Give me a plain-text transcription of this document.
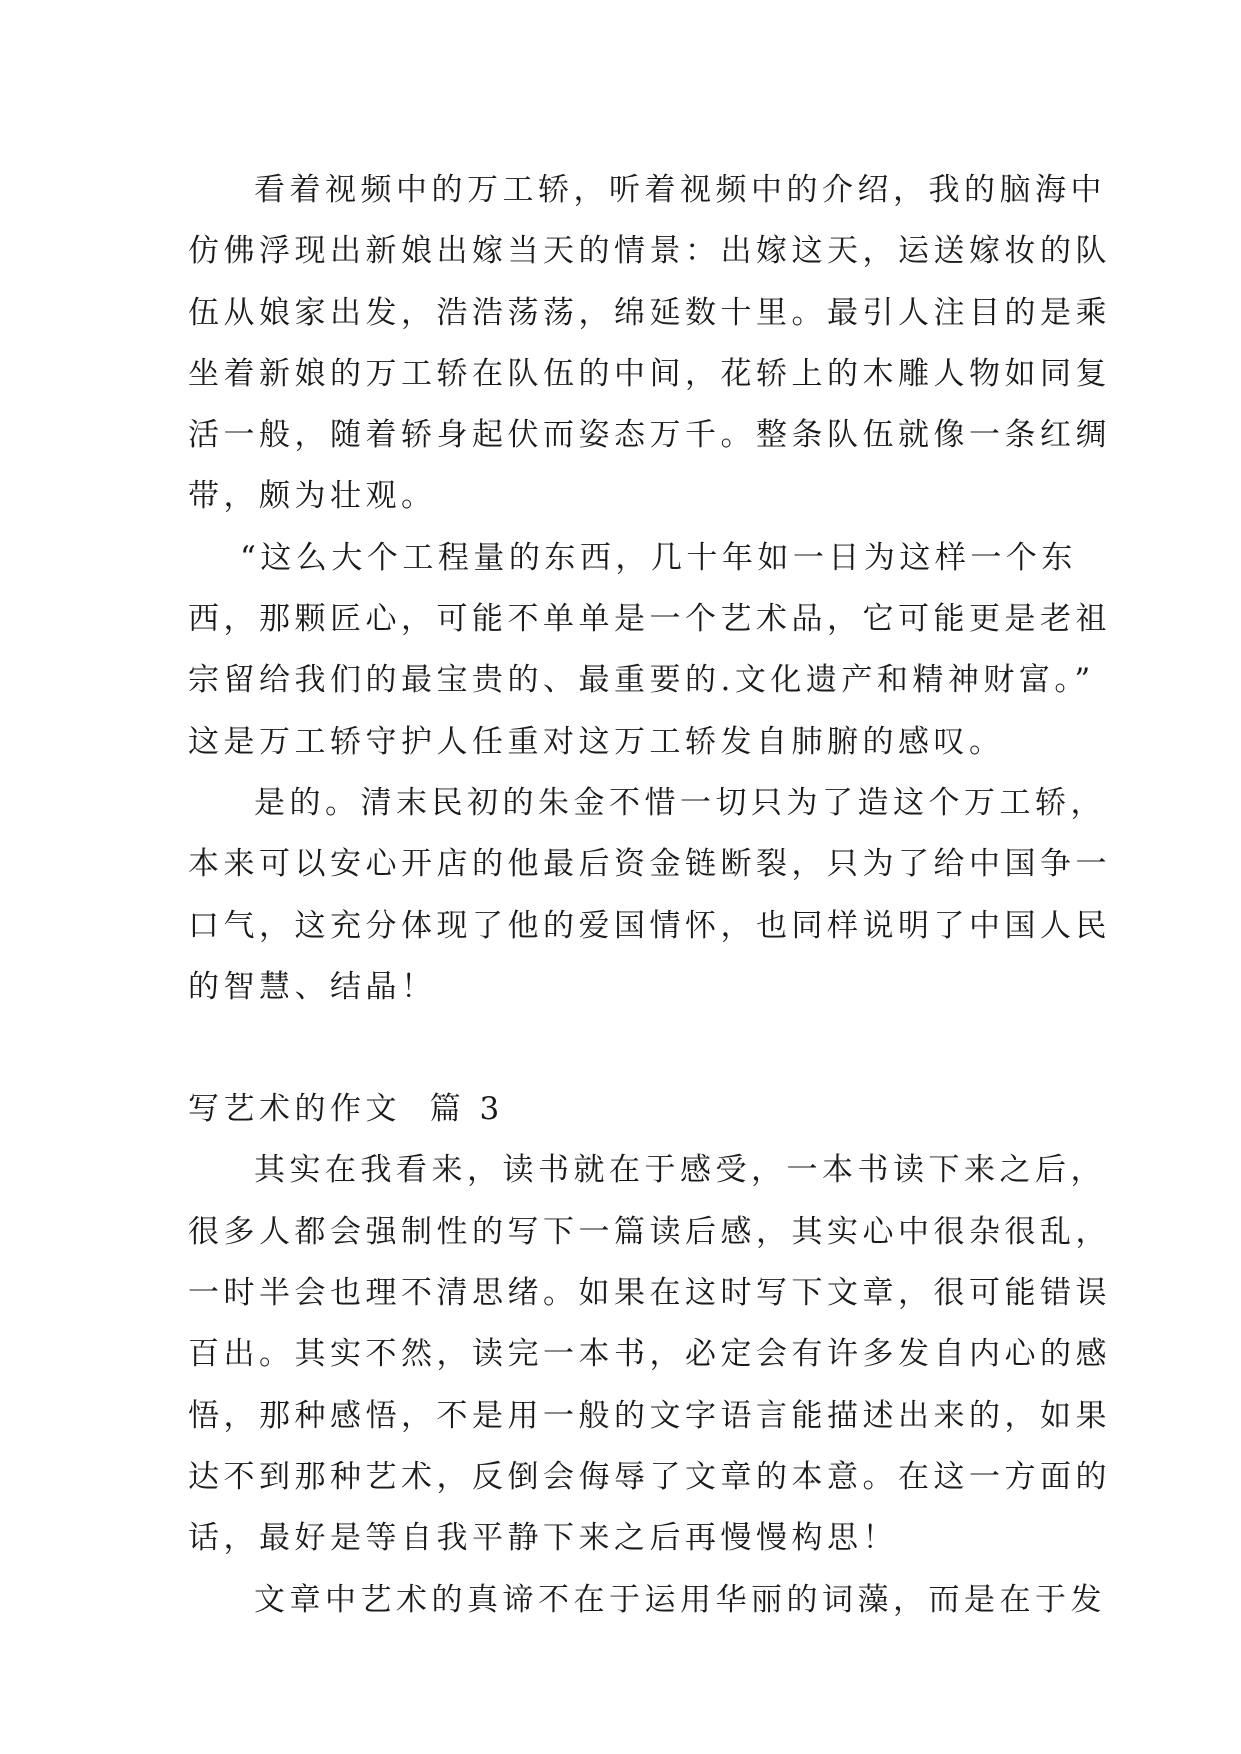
看着视频中的万工轿，听着视频中的介绍，我的脑海中

仿佛浮现出新娘出嫁当天的情景：出嫁这天，运送嫁妆的队

伍从娘家出发，浩浩荡荡，绵延数十里。最引人注目的是乘

坐着新娘的万工轿在队伍的中间，花轿上的木雕人物如同复

活一般，随着轿身起伏而姿态万千。整条队伍就像一条红绸

带，颇为壮观。

“这么大个工程量的东西，几十年如一日为这样一个东

西，那颗匠心，可能不单单是一个艺术品，它可能更是老祖

宗留给我们的最宝贵的、最重要的.文化遗产和精神财富。”

这是万工轿守护人任重对这万工轿发自肺腑的感叹。

是的。清末民初的朱金不惜一切只为了造这个万工轿，

本来可以安心开店的他最后资金链断裂，只为了给中国争一

口气，这充分体现了他的爱国情怀，也同样说明了中国人民

的智慧、结晶！

写艺术的作文  篇 3

其实在我看来，读书就在于感受，一本书读下来之后，

很多人都会强制性的写下一篇读后感，其实心中很杂很乱，

一时半会也理不清思绪。如果在这时写下文章，很可能错误

百出。其实不然，读完一本书，必定会有许多发自内心的感

悟，那种感悟，不是用一般的文字语言能描述出来的，如果

达不到那种艺术，反倒会侮辱了文章的本意。在这一方面的

话，最好是等自我平静下来之后再慢慢构思！

文章中艺术的真谛不在于运用华丽的词藻，而是在于发
